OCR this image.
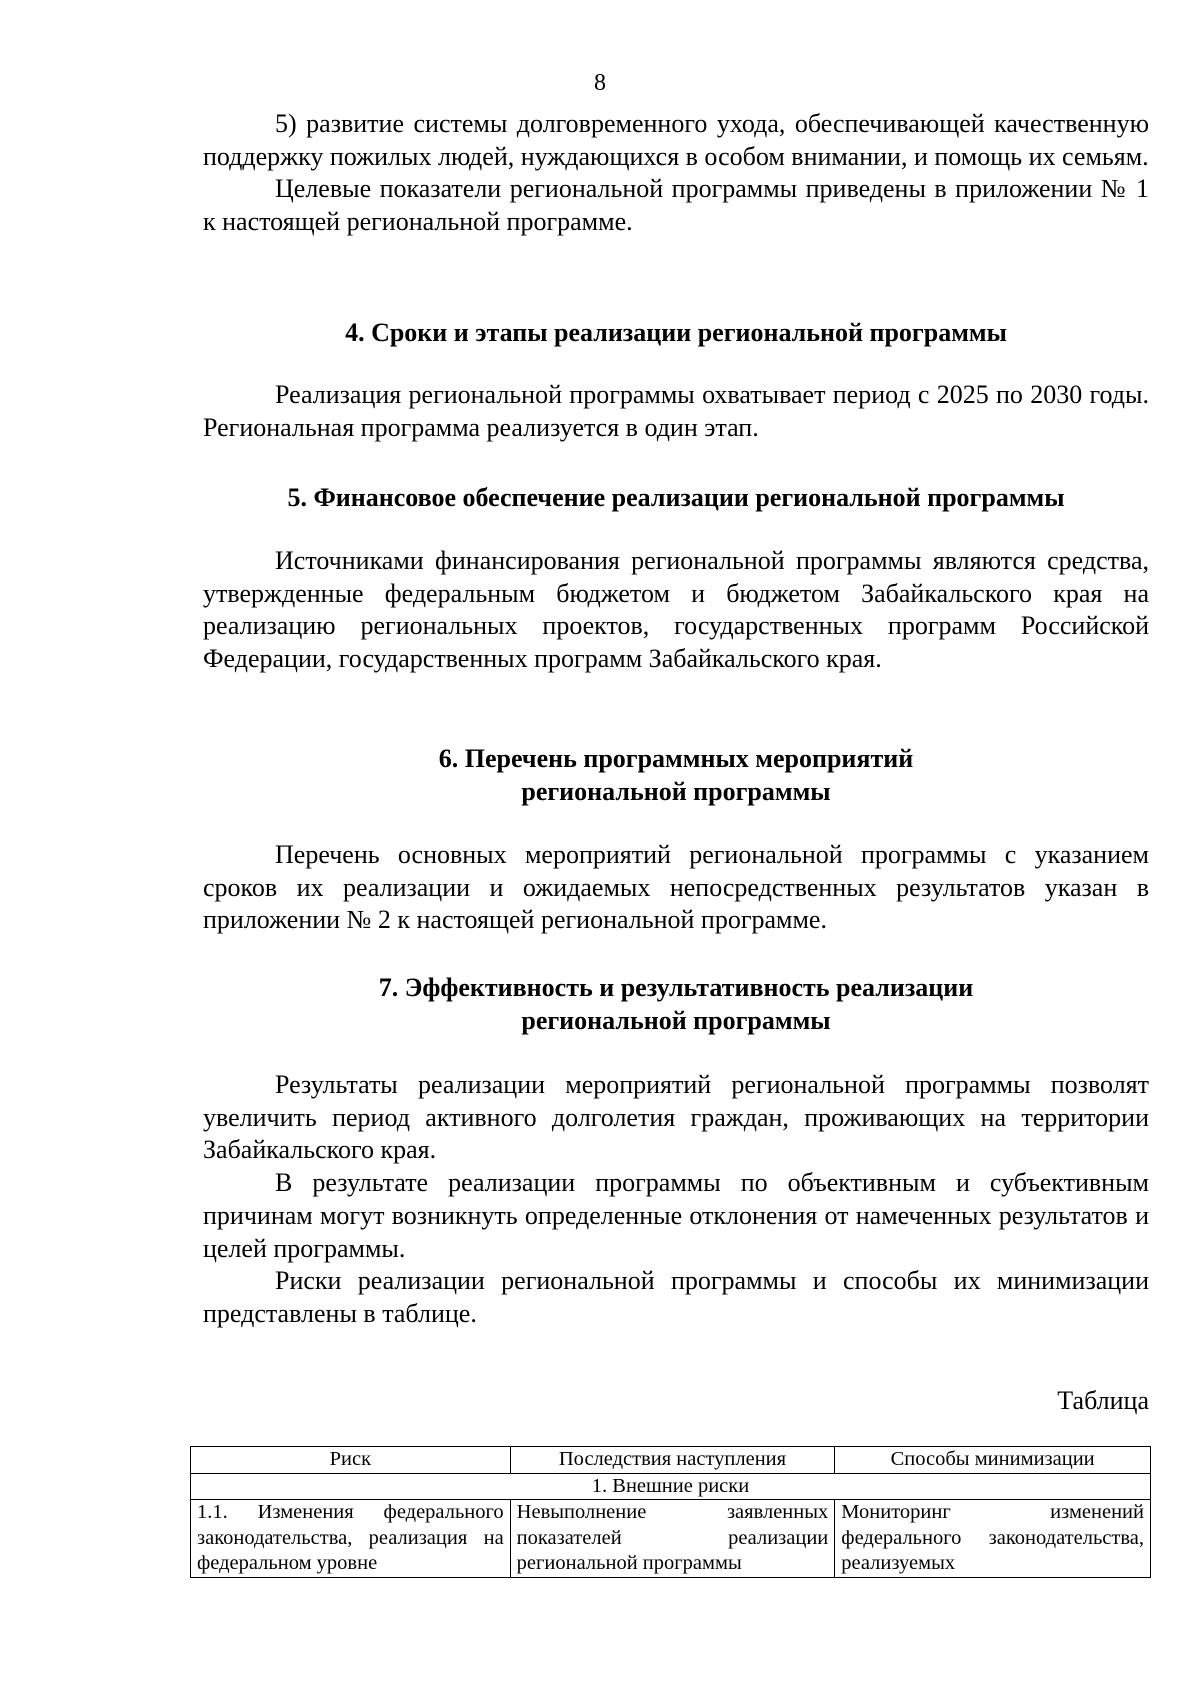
8

5) развитие системы долговременного ухода, обеспечивающей качественную поддержку пожилых людей, нуждающихся в особом внимании, и помощь их семьям.

Целевые показатели региональной программы приведены в приложении № 1 к настоящей региональной программе.

4. Сроки и этапы реализации региональной программы

Реализация региональной программы охватывает период с 2025 по 2030 годы. Региональная программа реализуется в один этап.

5. Финансовое обеспечение реализации региональной программы

Источниками финансирования региональной программы являются средства, утвержденные федеральным бюджетом и бюджетом Забайкальского края на реализацию региональных проектов, государственных программ Российской Федерации, государственных программ Забайкальского края.

6. Перечень программных мероприятий
региональной программы

Перечень основных мероприятий региональной программы с указанием сроков их реализации и ожидаемых непосредственных результатов указан в приложении № 2 к настоящей региональной программе.

7. Эффективность и результативность реализации
региональной программы

Результаты реализации мероприятий региональной программы позволят увеличить период активного долголетия граждан, проживающих на территории Забайкальского края.

В результате реализации программы по объективным и субъективным причинам могут возникнуть определенные отклонения от намеченных результатов и целей программы.

Риски реализации региональной программы и способы их минимизации представлены в таблице.

Таблица
Риск	Последствия наступления	Способы минимизации
1. Внешние риски		
1.1. Изменения федерального законодательства, реализация на федеральном уровне	Невыполнение заявленных показателей реализации региональной программы	Мониторинг изменений федерального законодательства, реализуемых
